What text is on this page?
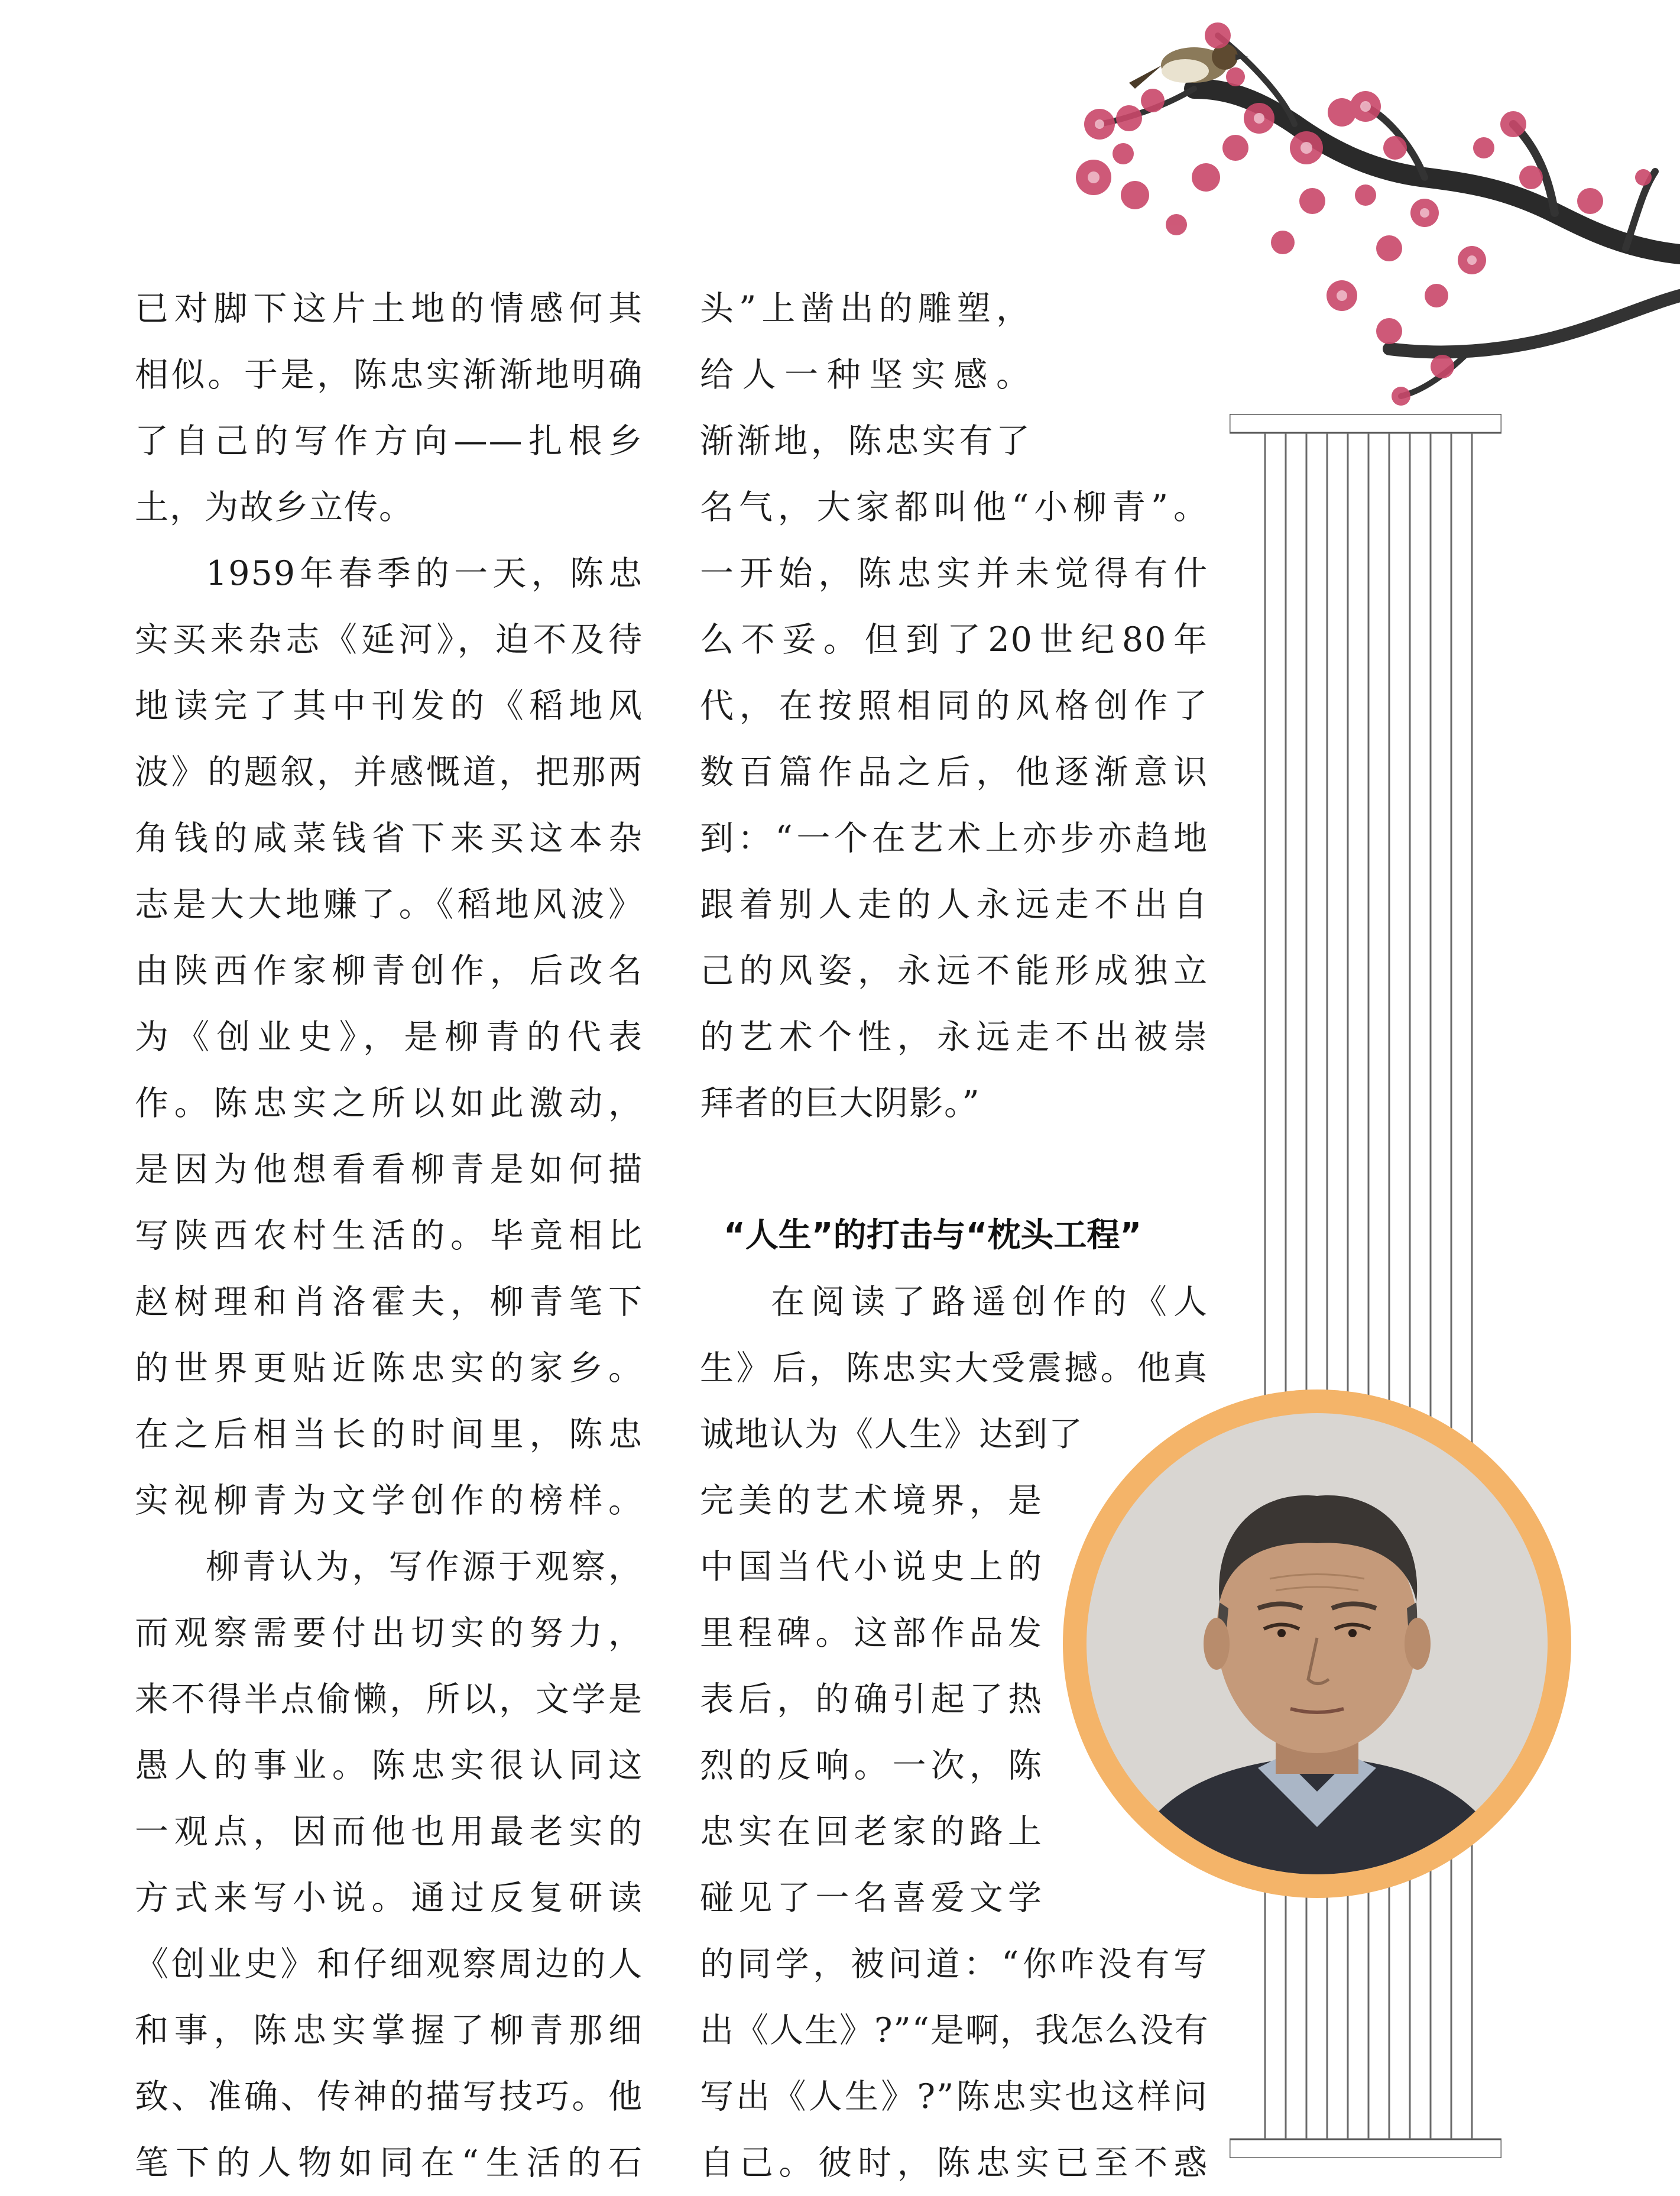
已对脚下这片土地的情感何其
相似。于是，陈忠实渐渐地明确
了自己的写作方向——扎根乡
土，为故乡立传。
1959年春季的一天，陈忠
实买来杂志《延河》，迫不及待
地读完了其中刊发的《稻地风
波》的题叙，并感慨道，把那两
角钱的咸菜钱省下来买这本杂
志是大大地赚了。《稻地风波》
由陕西作家柳青创作，后改名
为《创业史》，是柳青的代表
作。陈忠实之所以如此激动，
是因为他想看看柳青是如何描
写陕西农村生活的。毕竟相比
赵树理和肖洛霍夫，柳青笔下
的世界更贴近陈忠实的家乡。
在之后相当长的时间里，陈忠
实视柳青为文学创作的榜样。
柳青认为，写作源于观察，
而观察需要付出切实的努力，
来不得半点偷懒，所以，文学是
愚人的事业。陈忠实很认同这
一观点，因而他也用最老实的
方式来写小说。通过反复研读
《创业史》和仔细观察周边的人
和事，陈忠实掌握了柳青那细
致、准确、传神的描写技巧。他
笔下的人物如同在“生活的石
头”上凿出的雕塑，
给人一种坚实感。
渐渐地，陈忠实有了
名气，大家都叫他“小柳青”。
一开始，陈忠实并未觉得有什
么不妥。但到了20世纪80年
代，在按照相同的风格创作了
数百篇作品之后，他逐渐意识
到：“一个在艺术上亦步亦趋地
跟着别人走的人永远走不出自
己的风姿，永远不能形成独立
的艺术个性，永远走不出被崇
拜者的巨大阴影。”
“人生”的打击与“枕头工程”
在阅读了路遥创作的《人
生》后，陈忠实大受震撼。他真
诚地认为《人生》达到了
完美的艺术境界，是
中国当代小说史上的
里程碑。这部作品发
表后，的确引起了热
烈的反响。一次，陈
忠实在回老家的路上
碰见了一名喜爱文学
的同学，被问道：“你咋没有写
出《人生》?”“是啊，我怎么没有
写出《人生》?”陈忠实也这样问
自己。彼时，陈忠实已至不惑
